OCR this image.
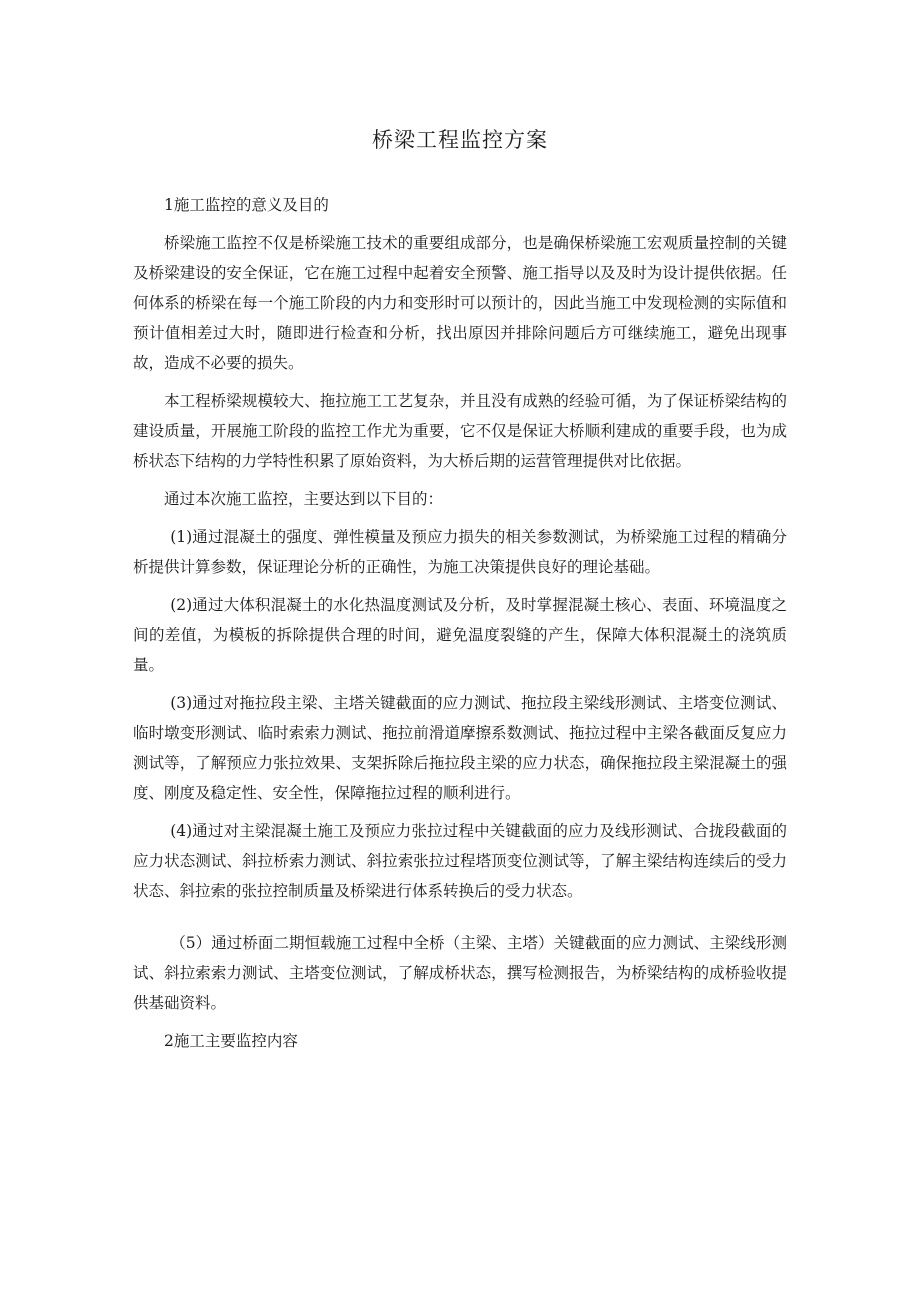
桥梁工程监控方案

1施工监控的意义及目的

桥梁施工监控不仅是桥梁施工技术的重要组成部分，也是确保桥梁施工宏观质量控制的关键及桥梁建设的安全保证，它在施工过程中起着安全预警、施工指导以及及时为设计提供依据。任何体系的桥梁在每一个施工阶段的内力和变形时可以预计的，因此当施工中发现检测的实际值和预计值相差过大时，随即进行检查和分析，找出原因并排除问题后方可继续施工，避免出现事故，造成不必要的损失。

本工程桥梁规模较大、拖拉施工工艺复杂，并且没有成熟的经验可循，为了保证桥梁结构的建设质量，开展施工阶段的监控工作尤为重要，它不仅是保证大桥顺利建成的重要手段，也为成桥状态下结构的力学特性积累了原始资料，为大桥后期的运营管理提供对比依据。

通过本次施工监控，主要达到以下目的：

(1)通过混凝土的强度、弹性模量及预应力损失的相关参数测试，为桥梁施工过程的精确分析提供计算参数，保证理论分析的正确性，为施工决策提供良好的理论基础。

(2)通过大体积混凝土的水化热温度测试及分析，及时掌握混凝土核心、表面、环境温度之间的差值，为模板的拆除提供合理的时间，避免温度裂缝的产生，保障大体积混凝土的浇筑质量。

(3)通过对拖拉段主梁、主塔关键截面的应力测试、拖拉段主梁线形测试、主塔变位测试、临时墩变形测试、临时索索力测试、拖拉前滑道摩擦系数测试、拖拉过程中主梁各截面反复应力测试等，了解预应力张拉效果、支架拆除后拖拉段主梁的应力状态，确保拖拉段主梁混凝土的强度、刚度及稳定性、安全性，保障拖拉过程的顺利进行。

(4)通过对主梁混凝土施工及预应力张拉过程中关键截面的应力及线形测试、合拢段截面的应力状态测试、斜拉桥索力测试、斜拉索张拉过程塔顶变位测试等，了解主梁结构连续后的受力状态、斜拉索的张拉控制质量及桥梁进行体系转换后的受力状态。

（5）通过桥面二期恒载施工过程中全桥（主梁、主塔）关键截面的应力测试、主梁线形测试、斜拉索索力测试、主塔变位测试，了解成桥状态，撰写检测报告，为桥梁结构的成桥验收提供基础资料。

2施工主要监控内容
